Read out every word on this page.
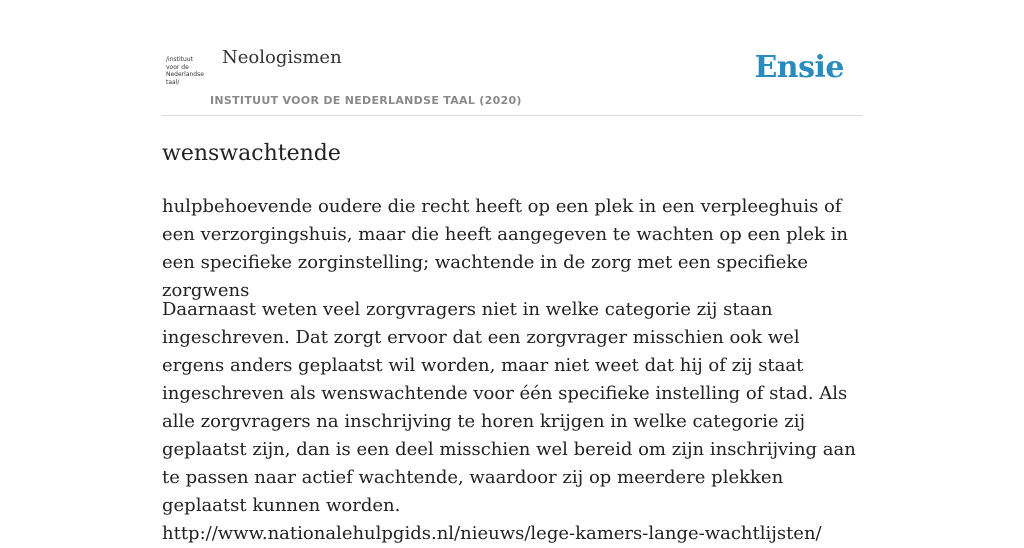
/instituut
voor de
Nederlandse
taal/
Neologismen
INSTITUUT VOOR DE NEDERLANDSE TAAL (2020)
Ensie
wenswachtende

hulpbehoevende oudere die recht heeft op een plek in een verpleeghuis of een verzorgingshuis, maar die heeft aangegeven te wachten op een plek in een specifieke zorginstelling; wachtende in de zorg met een specifieke zorgwens

Daarnaast weten veel zorgvragers niet in welke categorie zij staan ingeschreven. Dat zorgt ervoor dat een zorgvrager misschien ook wel ergens anders geplaatst wil worden, maar niet weet dat hij of zij staat ingeschreven als wenswachtende voor één specifieke instelling of stad. Als alle zorgvragers na inschrijving te horen krijgen in welke categorie zij geplaatst zijn, dan is een deel misschien wel bereid om zijn inschrijving aan te passen naar actief wachtende, waardoor zij op meerdere plekken geplaatst kunnen worden.
http://www.nationalehulpgids.nl/nieuws/lege-kamers-lange-wachtlijsten/
